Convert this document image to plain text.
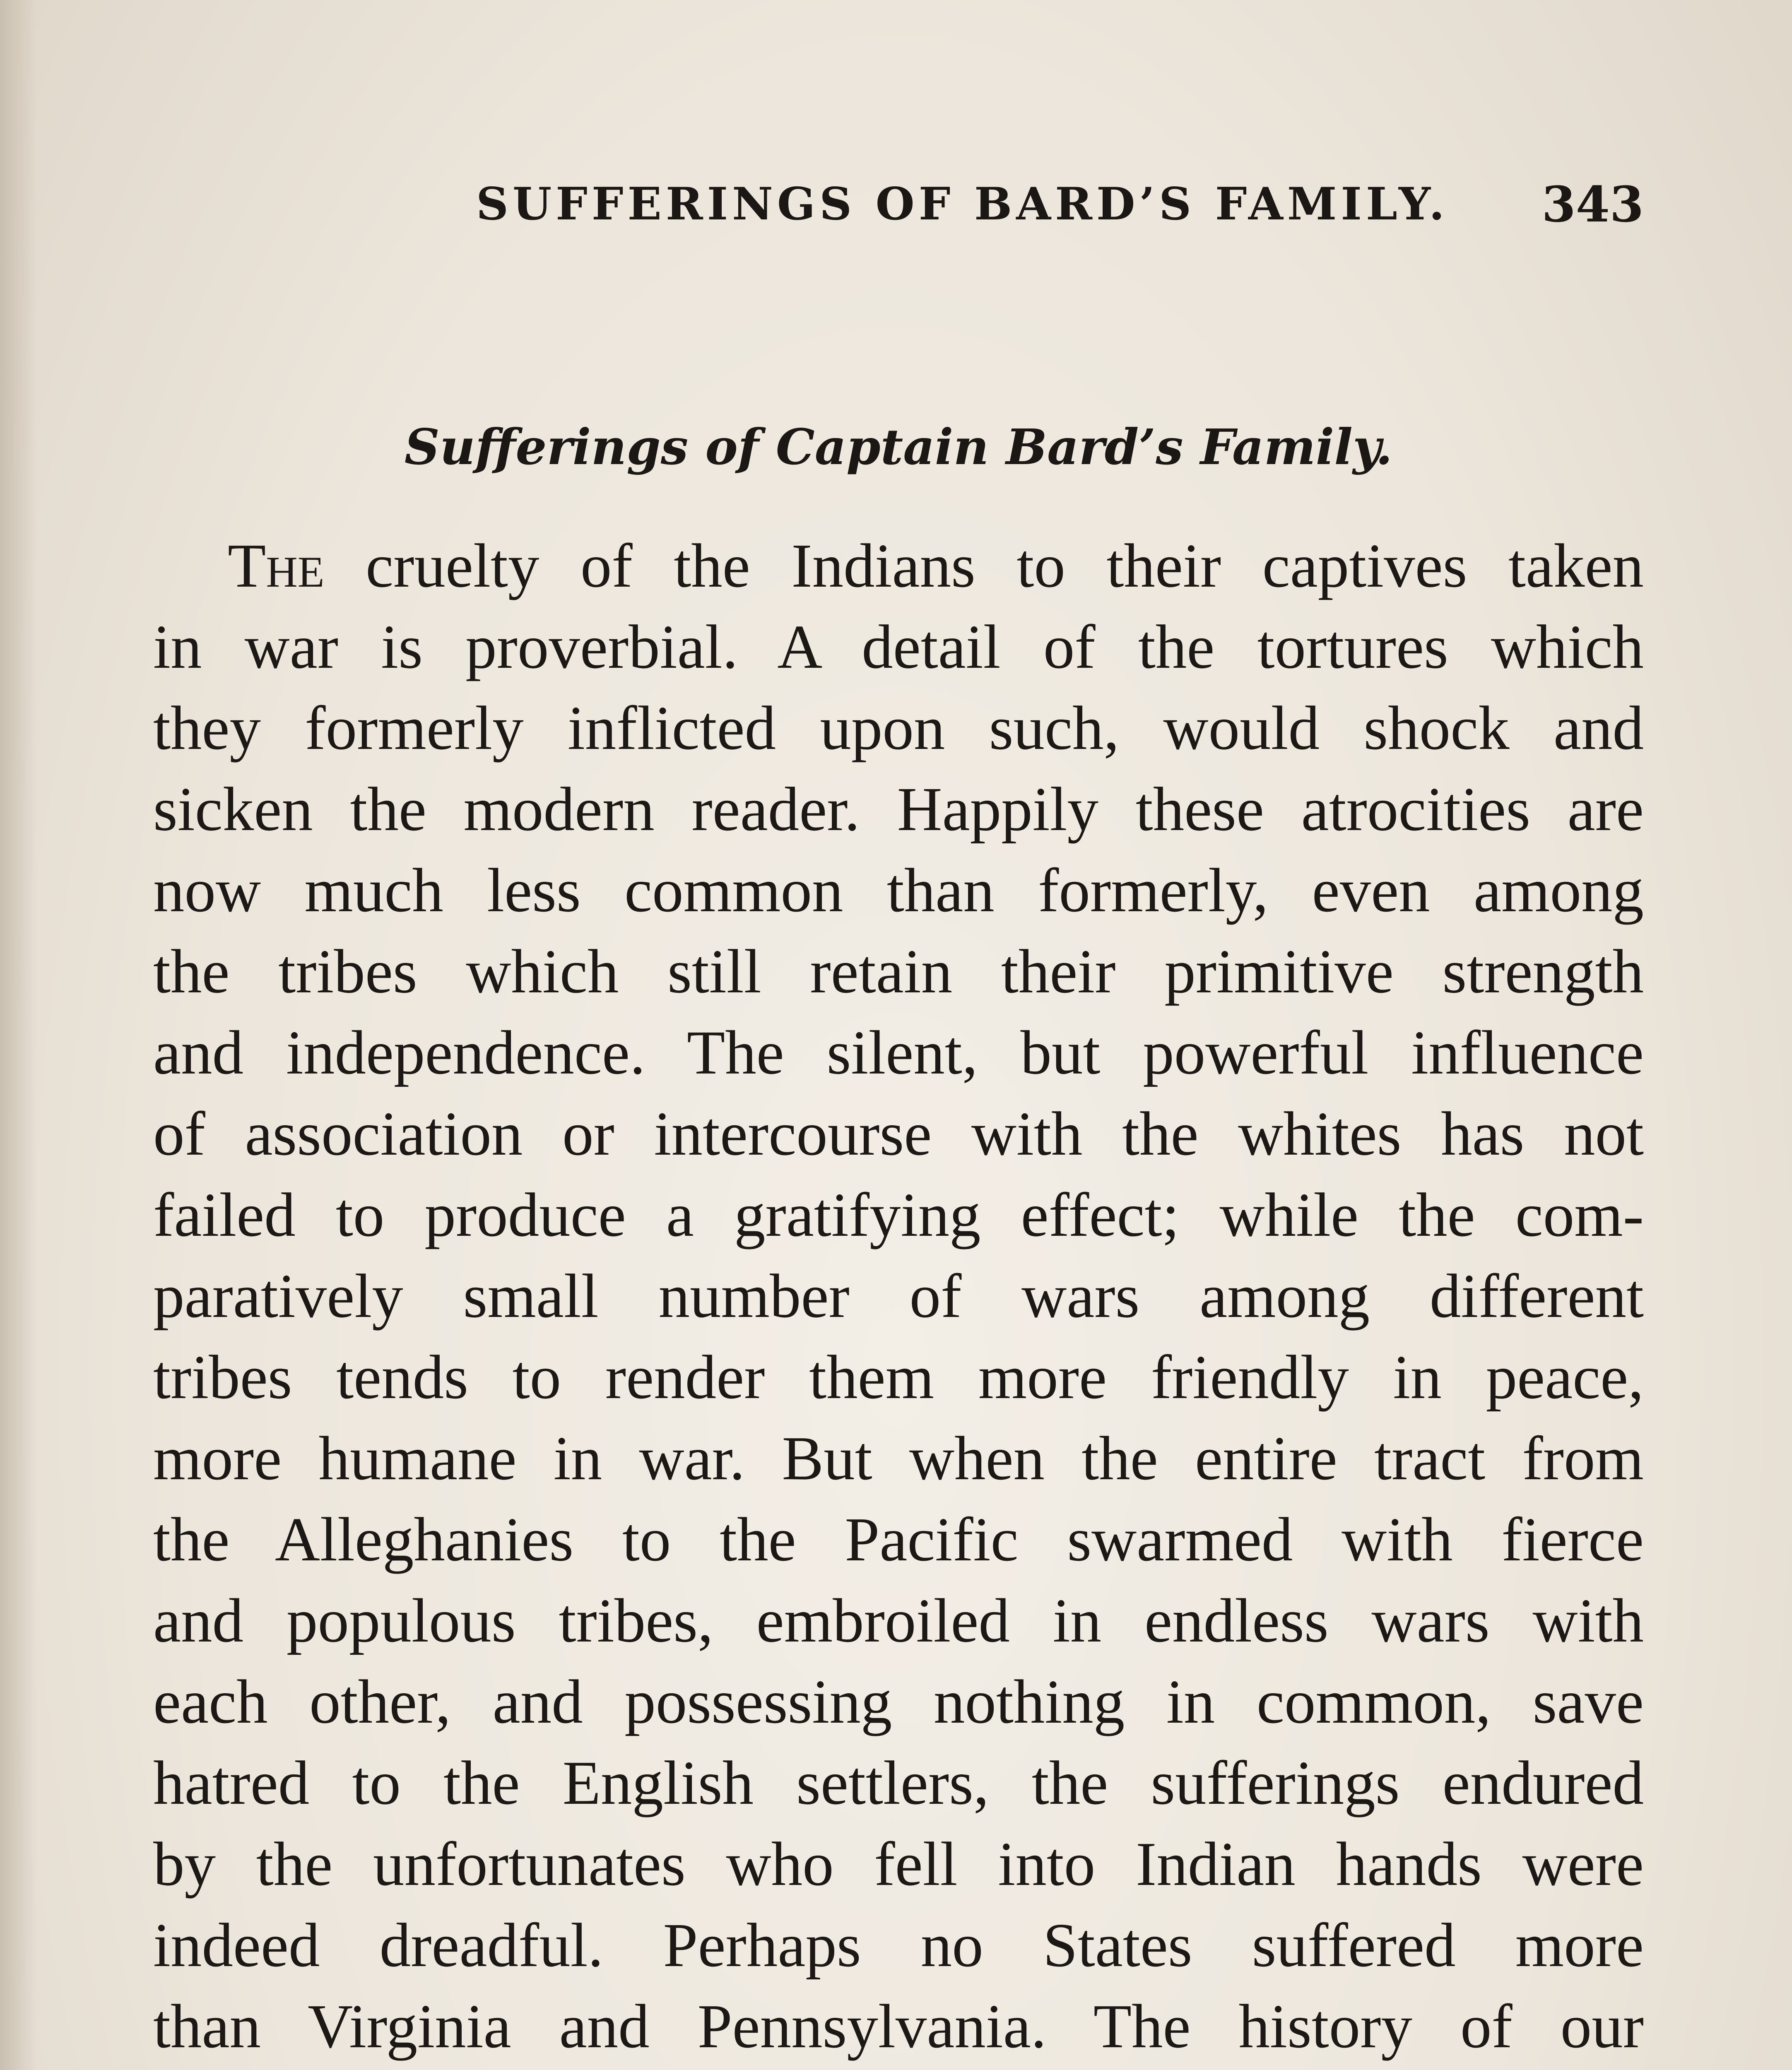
SUFFERINGS OF BARD’S FAMILY. 343
Sufferings of Captain Bard’s Family.
The cruelty of the Indians to their captives taken
in war is proverbial. A detail of the tortures which
they formerly inflicted upon such, would shock and
sicken the modern reader. Happily these atrocities are
now much less common than formerly, even among
the tribes which still retain their primitive strength
and independence. The silent, but powerful influence
of association or intercourse with the whites has not
failed to produce a gratifying effect; while the com-
paratively small number of wars among different
tribes tends to render them more friendly in peace,
more humane in war. But when the entire tract from
the Alleghanies to the Pacific swarmed with fierce
and populous tribes, embroiled in endless wars with
each other, and possessing nothing in common, save
hatred to the English settlers, the sufferings endured
by the unfortunates who fell into Indian hands were
indeed dreadful. Perhaps no States suffered more
than Virginia and Pennsylvania. The history of our
